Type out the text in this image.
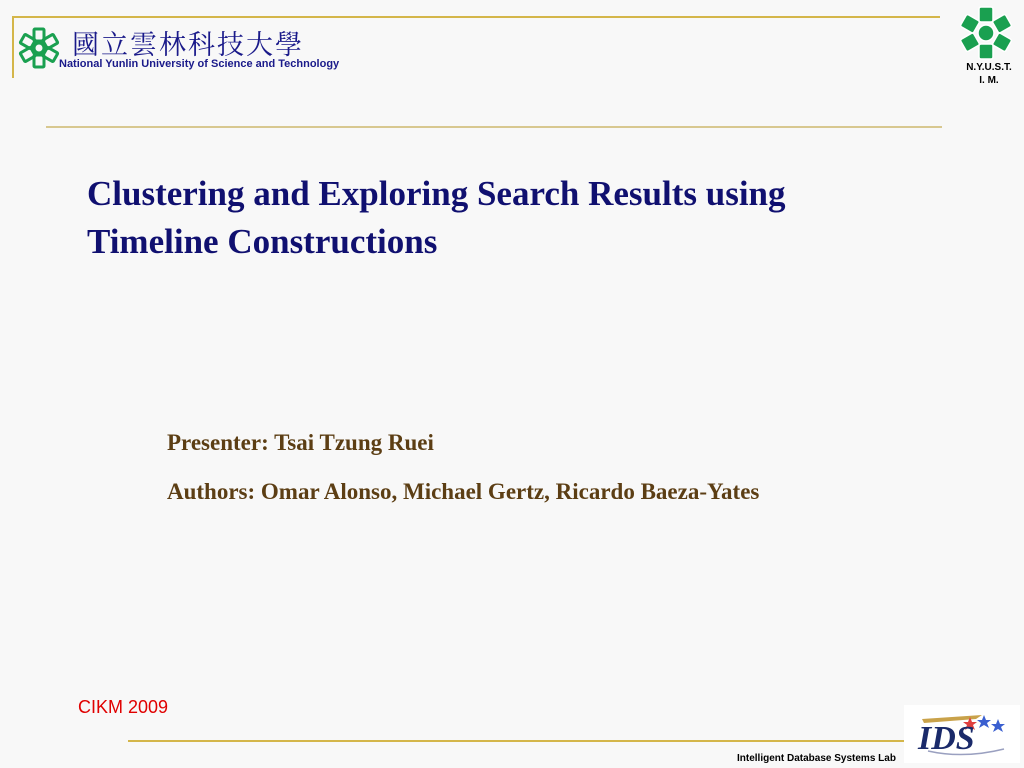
國立雲林科技大學
National Yunlin University of Science and Technology	N.Y.U.S.T.
I. M.
Clustering and Exploring Search Results using
Timeline Constructions
Presenter: Tsai Tzung Ruei
Authors: Omar Alonso, Michael Gertz, Ricardo Baeza-Yates
CIKM 2009
IDS
Intelligent Database Systems Lab
